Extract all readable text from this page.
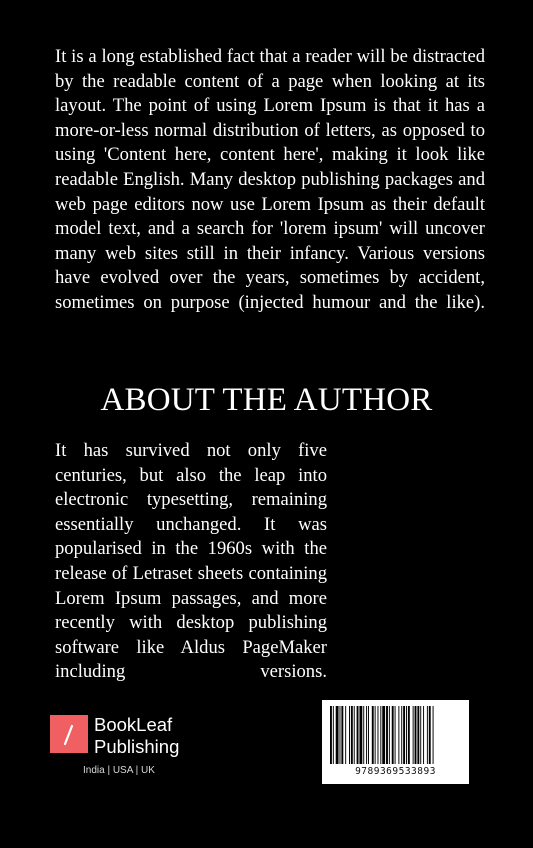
It is a long established fact that a reader will be distracted
by the readable content of a page when looking at its
layout. The point of using Lorem Ipsum is that it has a
more-or-less normal distribution of letters, as opposed to
using 'Content here, content here', making it look like
readable English. Many desktop publishing packages and
web page editors now use Lorem Ipsum as their default
model text, and a search for 'lorem ipsum' will uncover
many web sites still in their infancy. Various versions
have evolved over the years, sometimes by accident,
sometimes on purpose (injected humour and the like).
ABOUT THE AUTHOR
It has survived not only five
centuries, but also the leap into
electronic typesetting, remaining
essentially unchanged. It was
popularised in the 1960s with the
release of Letraset sheets containing
Lorem Ipsum passages, and more
recently with desktop publishing
software like Aldus PageMaker
including versions.
BookLeaf
Publishing
India | USA | UK	9789369533893
